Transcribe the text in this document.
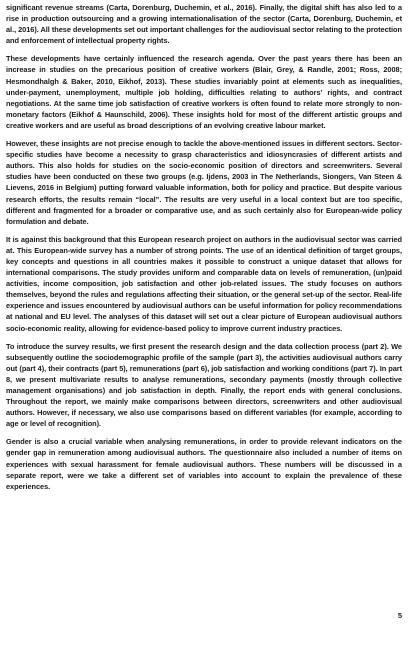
significant revenue streams (Carta, Dorenburg, Duchemin, et al., 2016). Finally, the digital shift has also led to a rise in production outsourcing and a growing internationalisation of the sector (Carta, Dorenburg, Duchemin, et al., 2016). All these developments set out important challenges for the audiovisual sector relating to the protection and enforcement of intellectual property rights.

These developments have certainly influenced the research agenda. Over the past years there has been an increase in studies on the precarious position of creative workers (Blair, Grey, & Randle, 2001; Ross, 2008; Hesmondhalgh & Baker, 2010, Eikhof, 2013). These studies invariably point at elements such as inequalities, under-payment, unemployment, multiple job holding, difficulties relating to authors’ rights, and contract negotiations. At the same time job satisfaction of creative workers is often found to relate more strongly to non-monetary factors (Eikhof & Haunschild, 2006). These insights hold for most of the different artistic groups and creative workers and are useful as broad descriptions of an evolving creative labour market.

However, these insights are not precise enough to tackle the above-mentioned issues in different sectors. Sector-specific studies have become a necessity to grasp characteristics and idiosyncrasies of different artists and authors. This also holds for studies on the socio-economic position of directors and screenwriters. Several studies have been conducted on these two groups (e.g. Ijdens, 2003 in The Netherlands, Siongers, Van Steen & Lievens, 2016 in Belgium) putting forward valuable information, both for policy and practice. But despite various research efforts, the results remain “local”. The results are very useful in a local context but are too specific, different and fragmented for a broader or comparative use, and as such certainly also for European-wide policy formulation and debate.

It is against this background that this European research project on authors in the audiovisual sector was carried at. This European-wide survey has a number of strong points. The use of an identical definition of target groups, key concepts and questions in all countries makes it possible to construct a unique dataset that allows for international comparisons. The study provides uniform and comparable data on levels of remuneration, (un)paid activities, income composition, job satisfaction and other job-related issues. The study focuses on authors themselves, beyond the rules and regulations affecting their situation, or the general set-up of the sector. Real-life experience and issues encountered by audiovisual authors can be useful information for policy recommendations at national and EU level. The analyses of this dataset will set out a clear picture of European audiovisual authors socio-economic reality, allowing for evidence-based policy to improve current industry practices.

To introduce the survey results, we first present the research design and the data collection process (part 2). We subsequently outline the sociodemographic profile of the sample (part 3), the activities audiovisual authors carry out (part 4), their contracts (part 5), remunerations (part 6), job satisfaction and working conditions (part 7). In part 8, we present multivariate results to analyse remunerations, secondary payments (mostly through collective management organisations) and job satisfaction in depth. Finally, the report ends with general conclusions. Throughout the report, we mainly make comparisons between directors, screenwriters and other audiovisual authors. However, if necessary, we also use comparisons based on different variables (for example, according to age or level of recognition).

Gender is also a crucial variable when analysing remunerations, in order to provide relevant indicators on the gender gap in remuneration among audiovisual authors. The questionnaire also included a number of items on experiences with sexual harassment for female audiovisual authors. These numbers will be discussed in a separate report, were we take a different set of variables into account to explain the prevalence of these experiences.

5
